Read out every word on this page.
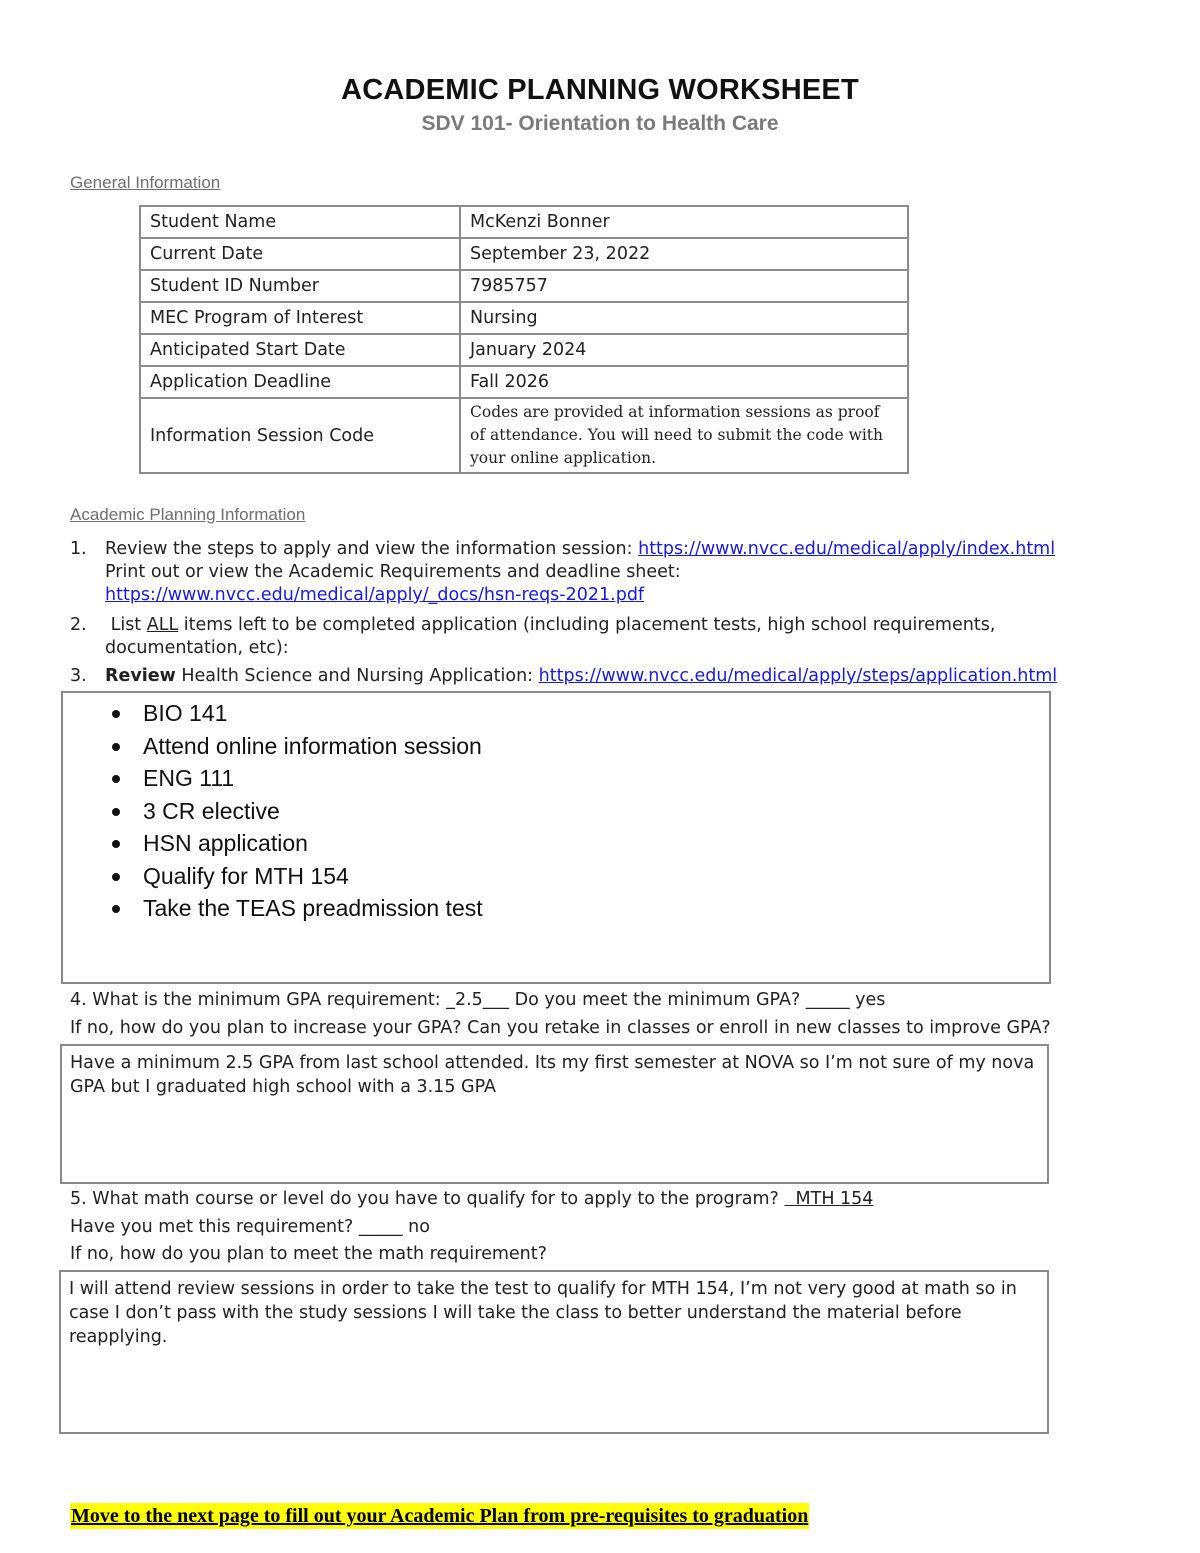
ACADEMIC PLANNING WORKSHEET
SDV 101- Orientation to Health Care
General Information
Student Name	McKenzi Bonner
Current Date	September 23, 2022
Student ID Number	7985757
MEC Program of Interest	Nursing
Anticipated Start Date	January 2024
Application Deadline	Fall 2026
Information Session Code	Codes are provided at information sessions as proof of attendance. You will need to submit the code with your online application.
Academic Planning Information
1. Review the steps to apply and view the information session: https://www.nvcc.edu/medical/apply/index.html
Print out or view the Academic Requirements and deadline sheet:
https://www.nvcc.edu/medical/apply/_docs/hsn-reqs-2021.pdf
2.	List ALL items left to be completed application (including placement tests, high school requirements, documentation, etc):
3. Review Health Science and Nursing Application: https://www.nvcc.edu/medical/apply/steps/application.html
BIO 141
Attend online information session
ENG 111
3 CR elective
HSN application
Qualify for MTH 154
Take the TEAS preadmission test
4. What is the minimum GPA requirement: _2.5___ Do you meet the minimum GPA? _____ yes
If no, how do you plan to increase your GPA? Can you retake in classes or enroll in new classes to improve GPA?
Have a minimum 2.5 GPA from last school attended. Its my first semester at NOVA so I’m not sure of my nova GPA but I graduated high school with a 3.15 GPA
5. What math course or level do you have to qualify for to apply to the program?   MTH 154
Have you met this requirement? _____ no
If no, how do you plan to meet the math requirement?
I will attend review sessions in order to take the test to qualify for MTH 154, I’m not very good at math so in case I don’t pass with the study sessions I will take the class to better understand the material before reapplying.
Move to the next page to fill out your Academic Plan from pre-requisites to graduation
